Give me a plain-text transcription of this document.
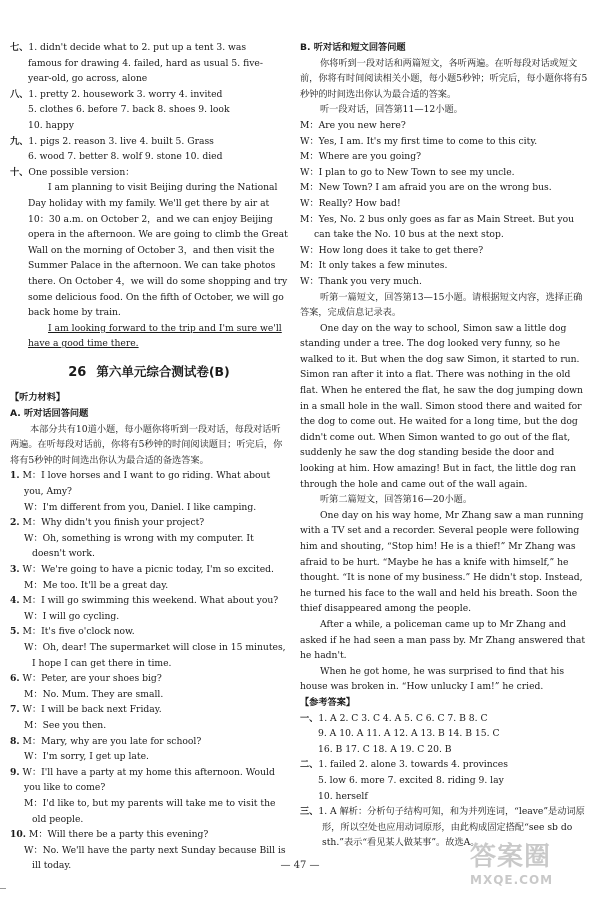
七、1. didn't decide what to 2. put up a tent 3. was

famous for drawing 4. failed, hard as usual 5. five-

year-old, go across, alone

八、1. pretty 2. housework 3. worry 4. invited

5. clothes 6. before 7. back 8. shoes 9. look

10. happy

九、1. pigs 2. reason 3. live 4. built 5. Grass

6. wood 7. better 8. wolf 9. stone 10. died

十、One possible version：

I am planning to visit Beijing during the National Day holiday with my family. We'll get there by air at 10：30 a.m. on October 2，and we can enjoy Beijing opera in the afternoon. We are going to climb the Great Wall on the morning of October 3，and then visit the Summer Palace in the afternoon. We can take photos there. On October 4，we will do some shopping and try some delicious food. On the fifth of October, we will go back home by train.

I am looking forward to the trip and I'm sure we'll

have a good time there.

26 第六单元综合测试卷(B)

【听力材料】

A. 听对话回答问题

本部分共有10道小题，每小题你将听到一段对话，每段对话听两遍。在听每段对话前，你将有5秒钟的时间阅读题目；听完后，你将有5秒钟的时间选出你认为最合适的备选答案。

1. M：I love horses and I want to go riding. What about you, Amy?

W：I'm different from you, Daniel. I like camping.

2. M：Why didn't you finish your project?

W：Oh, something is wrong with my computer. It doesn't work.

3. W：We're going to have a picnic today, I'm so excited.

M：Me too. It'll be a great day.

4. M：I will go swimming this weekend. What about you?

W：I will go cycling.

5. M：It's five o'clock now.

W：Oh, dear! The supermarket will close in 15 minutes, I hope I can get there in time.

6. W：Peter, are your shoes big?

M：No. Mum. They are small.

7. W：I will be back next Friday.

M：See you then.

8. M：Mary, why are you late for school?

W：I'm sorry, I get up late.

9. W：I'll have a party at my home this afternoon. Would you like to come?

M：I'd like to, but my parents will take me to visit the old people.

10. M：Will there be a party this evening?

W：No. We'll have the party next Sunday because Bill is ill today.

B. 听对话和短文回答问题

你将听到一段对话和两篇短文，各听两遍。在听每段对话或短文前，你将有时间阅读相关小题，每小题5秒钟；听完后，每小题你将有5秒钟的时间选出你认为最合适的答案。

听一段对话，回答第11—12小题。

M：Are you new here?

W：Yes, I am. It's my first time to come to this city.

M：Where are you going?

W：I plan to go to New Town to see my uncle.

M：New Town? I am afraid you are on the wrong bus.

W：Really? How bad!

M：Yes, No. 2 bus only goes as far as Main Street. But you can take the No. 10 bus at the next stop.

W：How long does it take to get there?

M：It only takes a few minutes.

W：Thank you very much.

听第一篇短文，回答第13—15小题。请根据短文内容，选择正确答案，完成信息记录表。

One day on the way to school, Simon saw a little dog standing under a tree. The dog looked very funny, so he walked to it. But when the dog saw Simon, it started to run. Simon ran after it into a flat. There was nothing in the old flat. When he entered the flat, he saw the dog jumping down in a small hole in the wall. Simon stood there and waited for the dog to come out. He waited for a long time, but the dog didn't come out. When Simon wanted to go out of the flat, suddenly he saw the dog standing beside the door and looking at him. How amazing! But in fact, the little dog ran through the hole and came out of the wall again.

听第二篇短文，回答第16—20小题。

One day on his way home, Mr Zhang saw a man running with a TV set and a recorder. Several people were following him and shouting, “Stop him! He is a thief!” Mr Zhang was afraid to be hurt. “Maybe he has a knife with himself,” he thought. “It is none of my business.” He didn't stop. Instead, he turned his face to the wall and held his breath. Soon the thief disappeared among the people.

After a while, a policeman came up to Mr Zhang and asked if he had seen a man pass by. Mr Zhang answered that he hadn't.

When he got home, he was surprised to find that his house was broken in. “How unlucky I am!” he cried.

【参考答案】

一、1. A 2. C 3. C 4. A 5. C 6. C 7. B 8. C

9. A 10. A 11. A 12. A 13. B 14. B 15. C

16. B 17. C 18. A 19. C 20. B

二、1. failed 2. alone 3. towards 4. provinces

5. low 6. more 7. excited 8. riding 9. lay

10. herself

三、1. A 解析：分析句子结构可知，和为并列连词，“leave”是动词原形，所以空处也应用动词原形，由此构成固定搭配“see sb do sth.”表示“看见某人做某事”。故选A。

— 47 —	答案圈
MXQE.COM
